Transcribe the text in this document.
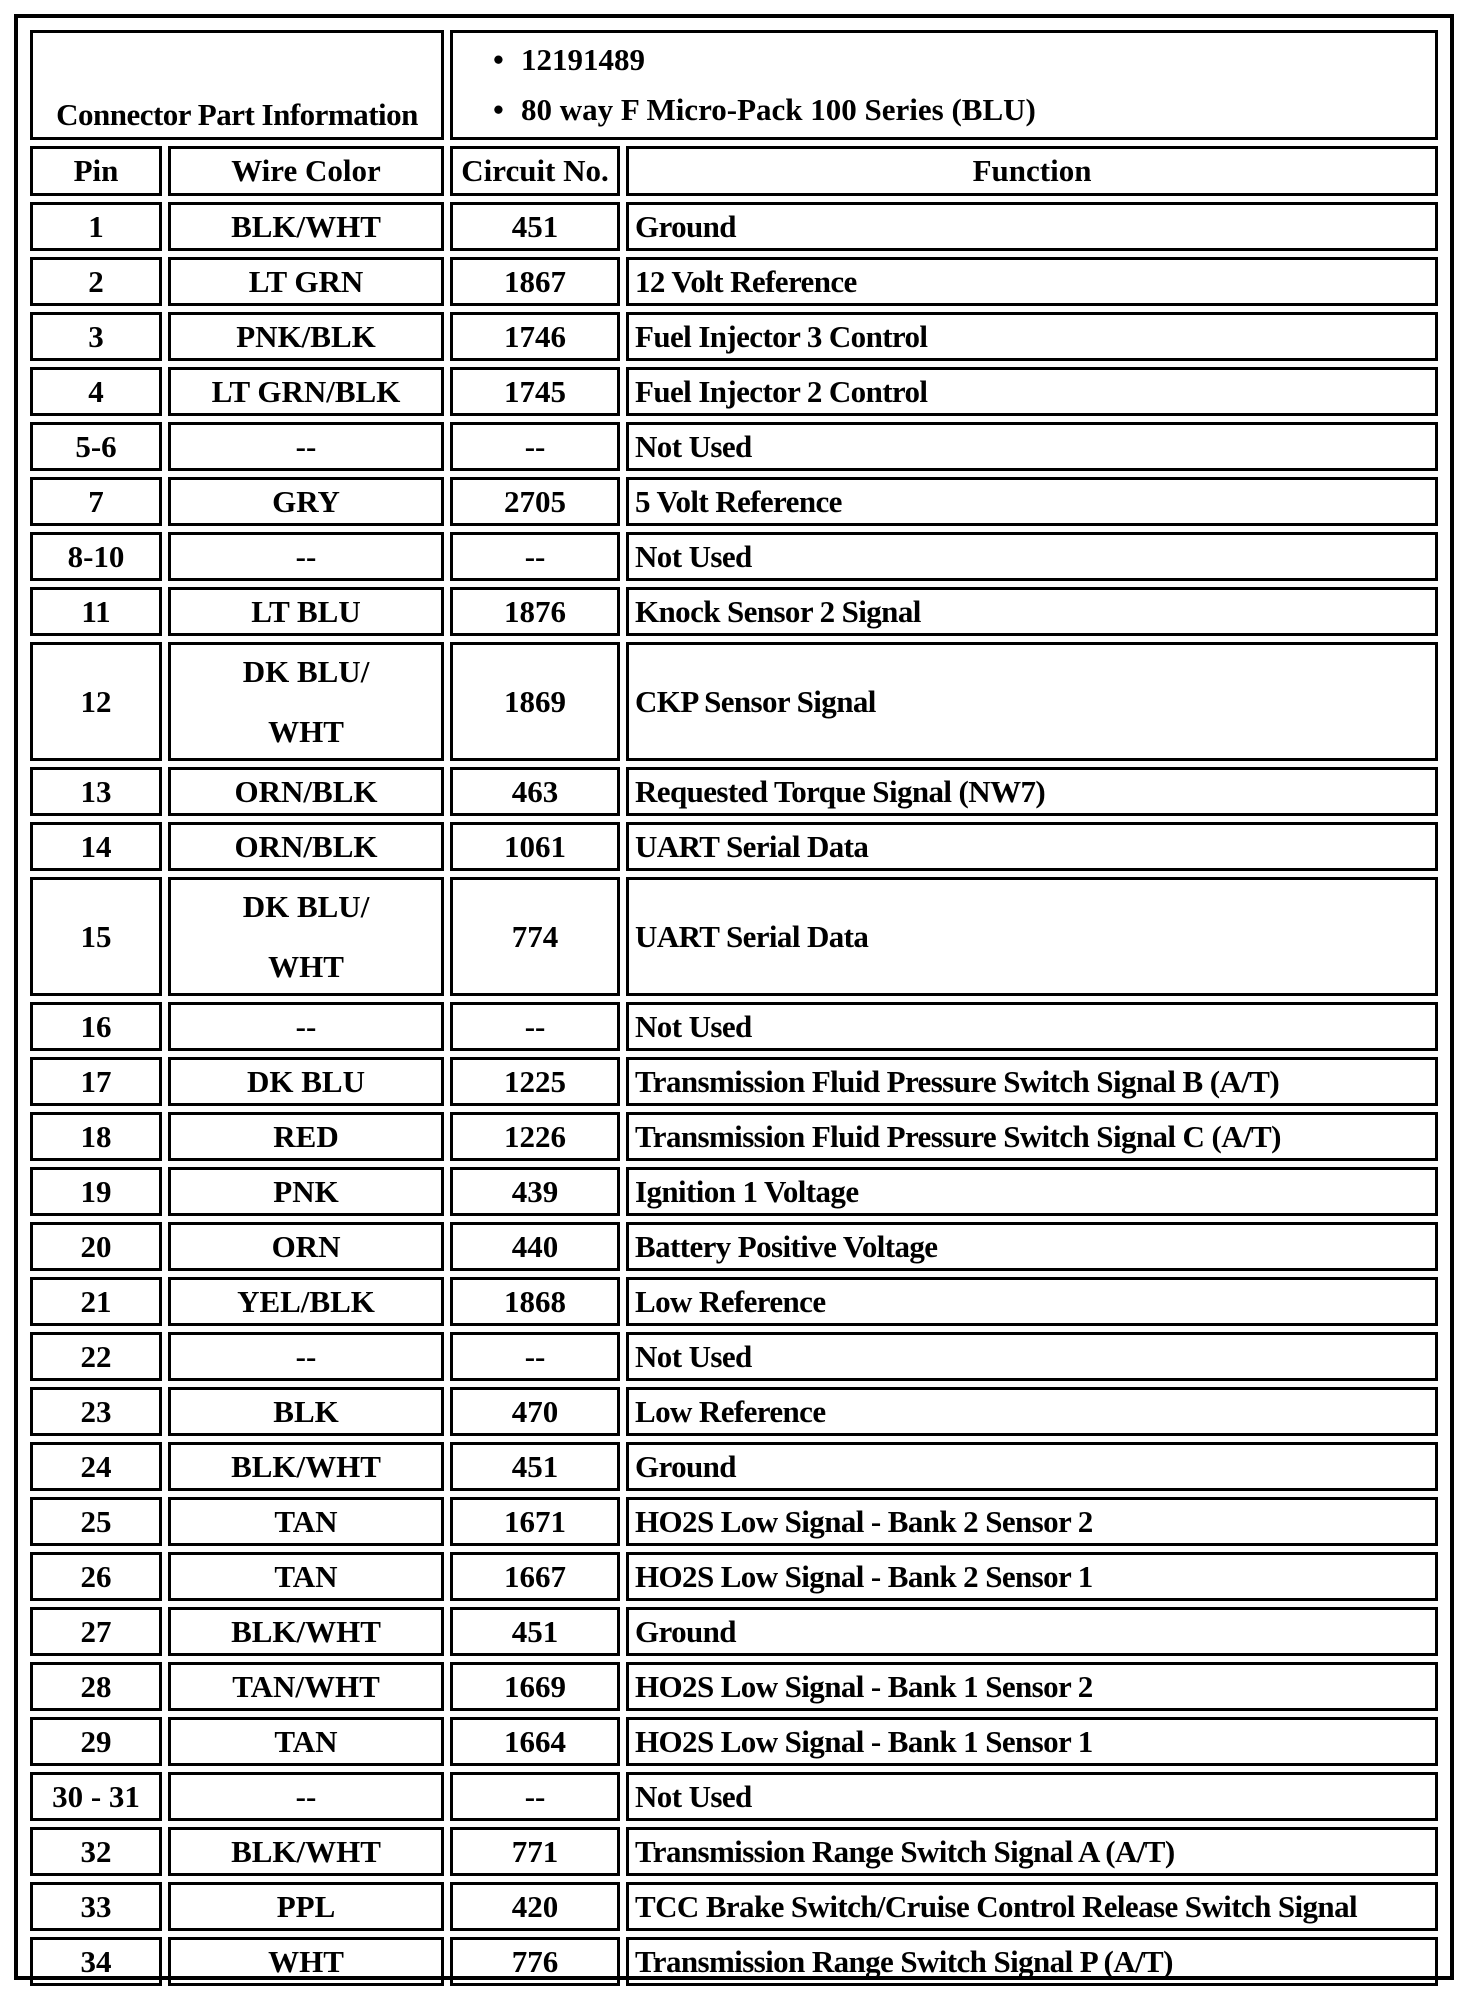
Connector Part Information		• 12191489
• 80 way F Micro-Pack 100 Series (BLU)	

Pin	Wire Color	Circuit No.	Function
1	BLK/WHT	451	Ground
2	LT GRN	1867	12 Volt Reference
3	PNK/BLK	1746	Fuel Injector 3 Control
4	LT GRN/BLK	1745	Fuel Injector 2 Control
5-6	--	--	Not Used
7	GRY	2705	5 Volt Reference
8-10	--	--	Not Used
11	LT BLU	1876	Knock Sensor 2 Signal
12	DK BLU/
WHT	1869	CKP Sensor Signal
13	ORN/BLK	463	Requested Torque Signal (NW7)
14	ORN/BLK	1061	UART Serial Data
15	DK BLU/
WHT	774	UART Serial Data
16	--	--	Not Used
17	DK BLU	1225	Transmission Fluid Pressure Switch Signal B (A/T)
18	RED	1226	Transmission Fluid Pressure Switch Signal C (A/T)
19	PNK	439	Ignition 1 Voltage
20	ORN	440	Battery Positive Voltage
21	YEL/BLK	1868	Low Reference
22	--	--	Not Used
23	BLK	470	Low Reference
24	BLK/WHT	451	Ground
25	TAN	1671	HO2S Low Signal - Bank 2 Sensor 2
26	TAN	1667	HO2S Low Signal - Bank 2 Sensor 1
27	BLK/WHT	451	Ground
28	TAN/WHT	1669	HO2S Low Signal - Bank 1 Sensor 2
29	TAN	1664	HO2S Low Signal - Bank 1 Sensor 1
30 - 31	--	--	Not Used
32	BLK/WHT	771	Transmission Range Switch Signal A (A/T)
33	PPL	420	TCC Brake Switch/Cruise Control Release Switch Signal
34	WHT	776	Transmission Range Switch Signal P (A/T)
